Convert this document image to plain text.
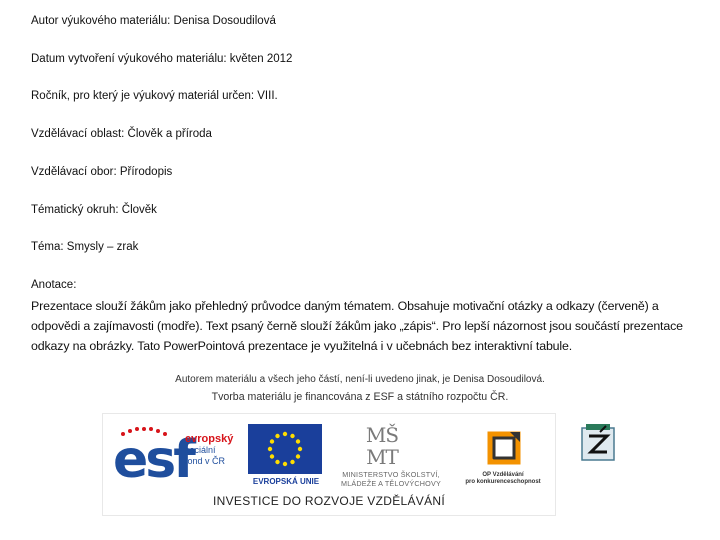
Autor výukového materiálu: Denisa Dosoudilová
Datum vytvoření výukového materiálu: květen 2012
Ročník, pro který je výukový materiál určen: VIII.
Vzdělávací oblast: Člověk a příroda
Vzdělávací obor: Přírodopis
Tématický okruh: Člověk
Téma: Smysly – zrak
Anotace:
Prezentace slouží žákům jako přehledný průvodce daným tématem. Obsahuje motivační otázky a odkazy (červeně) a odpovědi a zajímavosti (modře). Text psaný černě slouží žákům jako „zápis“. Pro lepší názornost jsou součástí prezentace odkazy na obrázky. Tato PowerPointová prezentace je využitelná i v učebnách bez interaktivní tabule.
Autorem materiálu a všech jeho částí, není-li uvedeno jinak, je Denisa Dosoudilová.
Tvorba materiálu je financována z ESF a státního rozpočtu ČR.
esf
evropský
sociální
fond v ČR
EVROPSKÁ UNIE
MŠ
MT
MINISTERSTVO ŠKOLSTVÍ,
MLÁDEŽE A TĚLOVÝCHOVY
OP Vzdělávání
pro konkurenceschopnost
INVESTICE DO ROZVOJE VZDĚLÁVÁNÍ
